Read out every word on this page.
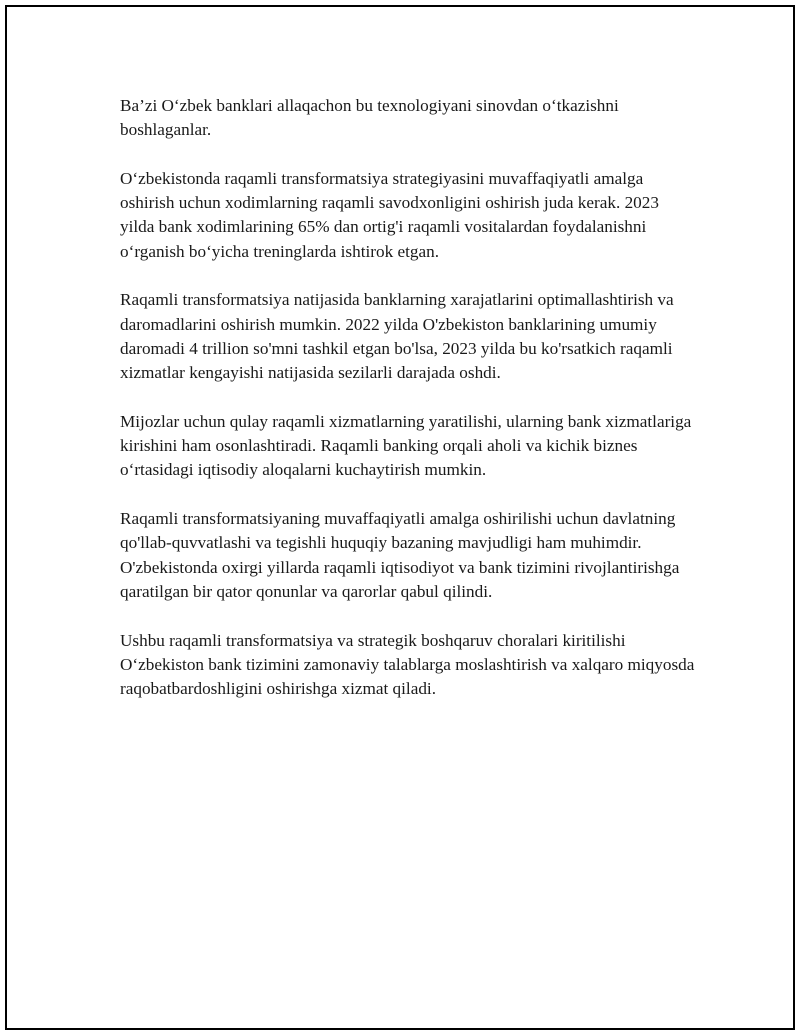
Ba’zi O‘zbek banklari allaqachon bu texnologiyani sinovdan o‘tkazishni boshlaganlar.

O‘zbekistonda raqamli transformatsiya strategiyasini muvaffaqiyatli amalga oshirish uchun xodimlarning raqamli savodxonligini oshirish juda kerak. 2023 yilda bank xodimlarining 65% dan ortig'i raqamli vositalardan foydalanishni o‘rganish bo‘yicha treninglarda ishtirok etgan.

Raqamli transformatsiya natijasida banklarning xarajatlarini optimallashtirish va daromadlarini oshirish mumkin. 2022 yilda O'zbekiston banklarining umumiy daromadi 4 trillion so'mni tashkil etgan bo'lsa, 2023 yilda bu ko'rsatkich raqamli xizmatlar kengayishi natijasida sezilarli darajada oshdi.

Mijozlar uchun qulay raqamli xizmatlarning yaratilishi, ularning bank xizmatlariga kirishini ham osonlashtiradi. Raqamli banking orqali aholi va kichik biznes o‘rtasidagi iqtisodiy aloqalarni kuchaytirish mumkin.

Raqamli transformatsiyaning muvaffaqiyatli amalga oshirilishi uchun davlatning qo'llab-quvvatlashi va tegishli huquqiy bazaning mavjudligi ham muhimdir. O'zbekistonda oxirgi yillarda raqamli iqtisodiyot va bank tizimini rivojlantirishga qaratilgan bir qator qonunlar va qarorlar qabul qilindi.

Ushbu raqamli transformatsiya va strategik boshqaruv choralari kiritilishi O‘zbekiston bank tizimini zamonaviy talablarga moslashtirish va xalqaro miqyosda raqobatbardoshligini oshirishga xizmat qiladi.
